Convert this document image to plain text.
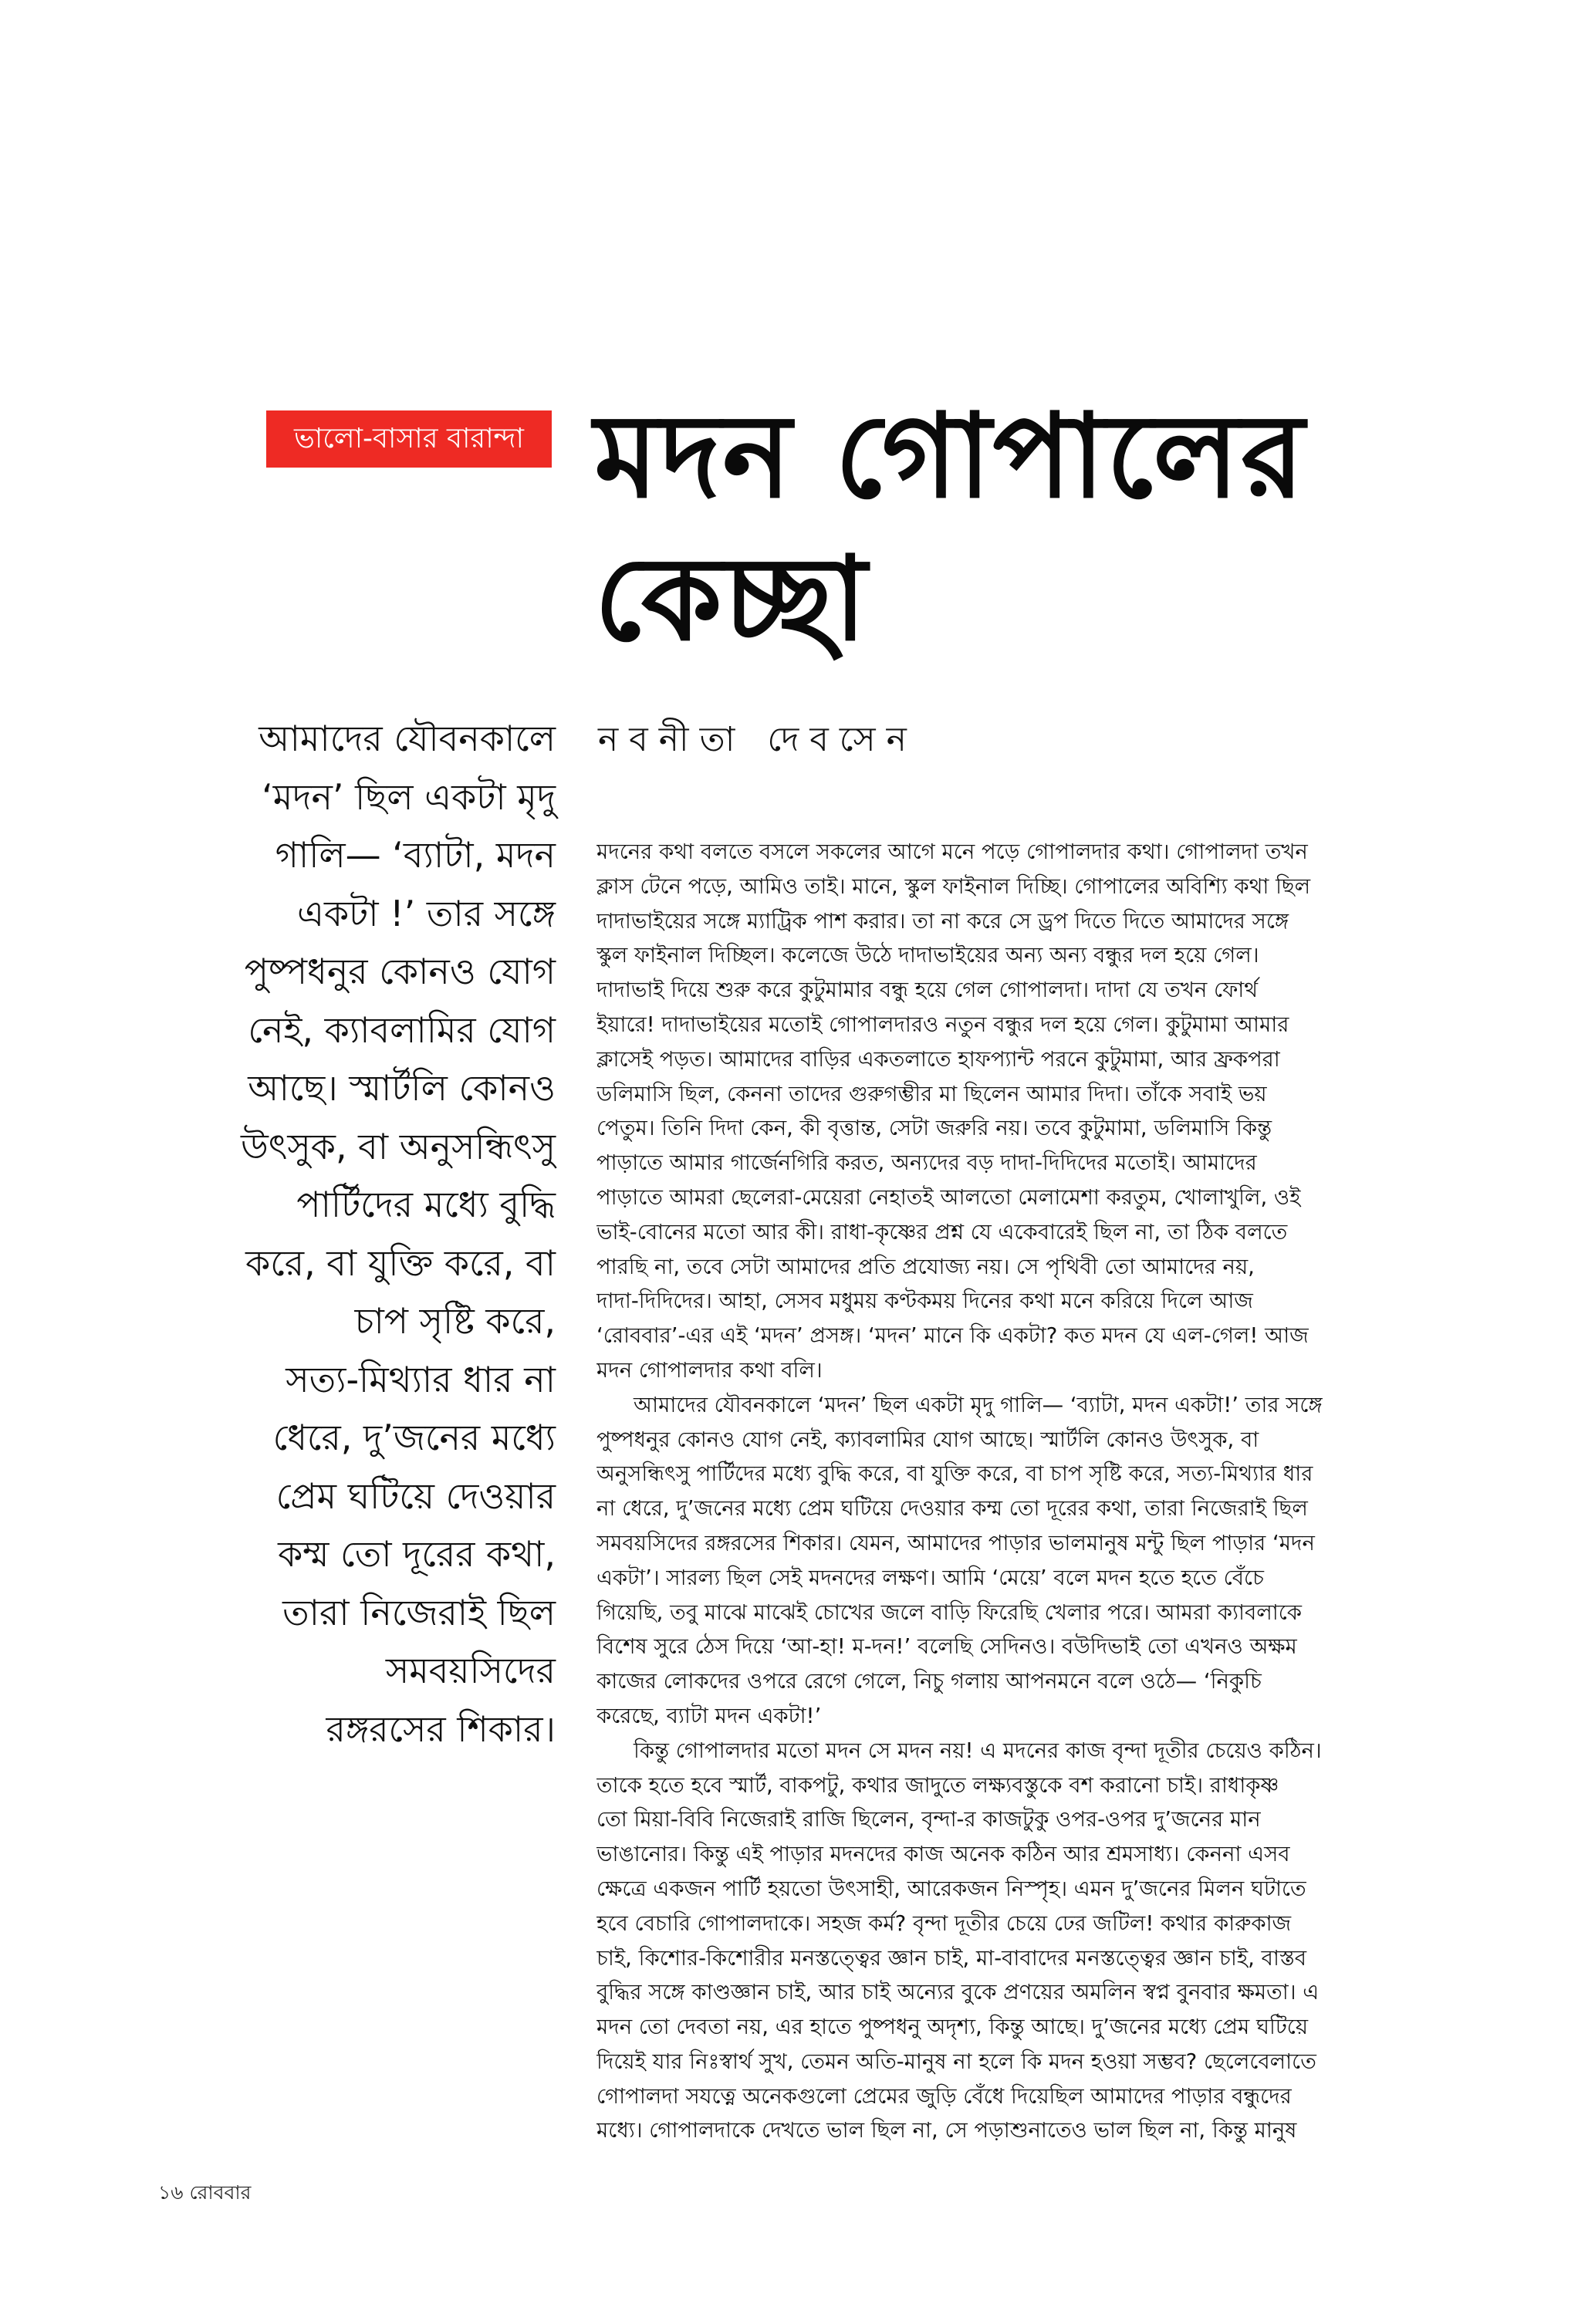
ভালো-বাসার বারান্দা মদন গোপালের
কেচ্ছা
নবনীতা দেবসেন
আমাদের যৌবনকালে
‘মদন’ ছিল একটা মৃদু
গালি— ‘ব্যাটা, মদন
একটা !’ তার সঙ্গে
পুষ্পধনুর কোনও যোগ
নেই, ক্যাবলামির যোগ
আছে। স্মার্টলি কোনও
উৎসুক, বা অনুসন্ধিৎসু
পার্টিদের মধ্যে বুদ্ধি
করে, বা যুক্তি করে, বা
চাপ সৃষ্টি করে,
সত্য-মিথ্যার ধার না
ধেরে, দু’জনের মধ্যে
প্রেম ঘটিয়ে দেওয়ার
কম্ম তো দূরের কথা,
তারা নিজেরাই ছিল
সমবয়সিদের
রঙ্গরসের শিকার।
মদনের কথা বলতে বসলে সকলের আগে মনে পড়ে গোপালদার কথা। গোপালদা তখন
ক্লাস টেনে পড়ে, আমিও তাই। মানে, স্কুল ফাইনাল দিচ্ছি। গোপালের অবিশ্যি কথা ছিল
দাদাভাইয়ের সঙ্গে ম্যাট্রিক পাশ করার। তা না করে সে ড্রপ দিতে দিতে আমাদের সঙ্গে
স্কুল ফাইনাল দিচ্ছিল। কলেজে উঠে দাদাভাইয়ের অন্য অন্য বন্ধুর দল হয়ে গেল।
দাদাভাই দিয়ে শুরু করে কুটুমামার বন্ধু হয়ে গেল গোপালদা। দাদা যে তখন ফোর্থ
ইয়ারে! দাদাভাইয়ের মতোই গোপালদারও নতুন বন্ধুর দল হয়ে গেল। কুটুমামা আমার
ক্লাসেই পড়ত। আমাদের বাড়ির একতলাতে হাফপ্যান্ট পরনে কুটুমামা, আর ফ্রকপরা
ডলিমাসি ছিল, কেননা তাদের গুরুগম্ভীর মা ছিলেন আমার দিদা। তাঁকে সবাই ভয়
পেতুম। তিনি দিদা কেন, কী বৃত্তান্ত, সেটা জরুরি নয়। তবে কুটুমামা, ডলিমাসি কিন্তু
পাড়াতে আমার গার্জেনগিরি করত, অন্যদের বড় দাদা-দিদিদের মতোই। আমাদের
পাড়াতে আমরা ছেলেরা-মেয়েরা নেহাতই আলতো মেলামেশা করতুম, খোলাখুলি, ওই
ভাই-বোনের মতো আর কী। রাধা-কৃষ্ণের প্রশ্ন যে একেবারেই ছিল না, তা ঠিক বলতে
পারছি না, তবে সেটা আমাদের প্রতি প্রযোজ্য নয়। সে পৃথিবী তো আমাদের নয়,
দাদা-দিদিদের। আহা, সেসব মধুময় কণ্টকময় দিনের কথা মনে করিয়ে দিলে আজ
‘রোববার’-এর এই ‘মদন’ প্রসঙ্গ। ‘মদন’ মানে কি একটা? কত মদন যে এল-গেল! আজ
মদন গোপালদার কথা বলি।
আমাদের যৌবনকালে ‘মদন’ ছিল একটা মৃদু গালি— ‘ব্যাটা, মদন একটা!’ তার সঙ্গে
পুষ্পধনুর কোনও যোগ নেই, ক্যাবলামির যোগ আছে। স্মার্টলি কোনও উৎসুক, বা
অনুসন্ধিৎসু পার্টিদের মধ্যে বুদ্ধি করে, বা যুক্তি করে, বা চাপ সৃষ্টি করে, সত্য-মিথ্যার ধার
না ধেরে, দু’জনের মধ্যে প্রেম ঘটিয়ে দেওয়ার কম্ম তো দূরের কথা, তারা নিজেরাই ছিল
সমবয়সিদের রঙ্গরসের শিকার। যেমন, আমাদের পাড়ার ভালমানুষ মন্টু ছিল পাড়ার ‘মদন
একটা’। সারল্য ছিল সেই মদনদের লক্ষণ। আমি ‘মেয়ে’ বলে মদন হতে হতে বেঁচে
গিয়েছি, তবু মাঝে মাঝেই চোখের জলে বাড়ি ফিরেছি খেলার পরে। আমরা ক্যাবলাকে
বিশেষ সুরে ঠেস দিয়ে ‘আ-হা! ম-দন!’ বলেছি সেদিনও। বউদিভাই তো এখনও অক্ষম
কাজের লোকদের ওপরে রেগে গেলে, নিচু গলায় আপনমনে বলে ওঠে— ‘নিকুচি
করেছে, ব্যাটা মদন একটা!’
কিন্তু গোপালদার মতো মদন সে মদন নয়! এ মদনের কাজ বৃন্দা দূতীর চেয়েও কঠিন।
তাকে হতে হবে স্মার্ট, বাকপটু, কথার জাদুতে লক্ষ্যবস্তুকে বশ করানো চাই। রাধাকৃষ্ণ
তো মিয়া-বিবি নিজেরাই রাজি ছিলেন, বৃন্দা-র কাজটুকু ওপর-ওপর দু’জনের মান
ভাঙানোর। কিন্তু এই পাড়ার মদনদের কাজ অনেক কঠিন আর শ্রমসাধ্য। কেননা এসব
ক্ষেত্রে একজন পার্টি হয়তো উৎসাহী, আরেকজন নিস্পৃহ। এমন দু’জনের মিলন ঘটাতে
হবে বেচারি গোপালদাকে। সহজ কর্ম? বৃন্দা দূতীর চেয়ে ঢের জটিল! কথার কারুকাজ
চাই, কিশোর-কিশোরীর মনস্তত্ত্বের জ্ঞান চাই, মা-বাবাদের মনস্তত্ত্বের জ্ঞান চাই, বাস্তব
বুদ্ধির সঙ্গে কাণ্ডজ্ঞান চাই, আর চাই অন্যের বুকে প্রণয়ের অমলিন স্বপ্ন বুনবার ক্ষমতা। এ
মদন তো দেবতা নয়, এর হাতে পুষ্পধনু অদৃশ্য, কিন্তু আছে। দু’জনের মধ্যে প্রেম ঘটিয়ে
দিয়েই যার নিঃস্বার্থ সুখ, তেমন অতি-মানুষ না হলে কি মদন হওয়া সম্ভব? ছেলেবেলাতে
গোপালদা সযত্নে অনেকগুলো প্রেমের জুড়ি বেঁধে দিয়েছিল আমাদের পাড়ার বন্ধুদের
মধ্যে। গোপালদাকে দেখতে ভাল ছিল না, সে পড়াশুনাতেও ভাল ছিল না, কিন্তু মানুষ
১৬ রোববার
